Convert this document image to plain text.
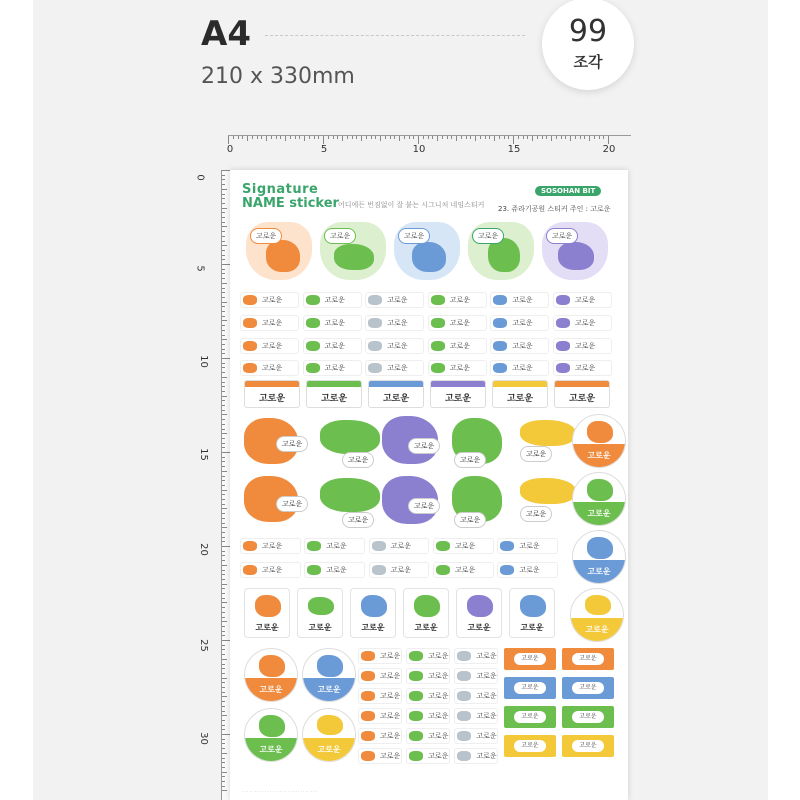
A4
210 x 330mm
99
조각
0	5	10	15	20
0
5
10
15
20
25
30
Signature
NAME sticker 어디에든 번짐없이 잘 붙는 시그니처 네임스티커
SOSOHAN BIT
23. 쥬라기공원 스티커 주인 : 고로운
고로운	고로운	고로운	고로운	고로운
고로운	고로운	고로운	고로운	고로운	고로운
고로운	고로운	고로운	고로운	고로운	고로운
고로운	고로운	고로운	고로운	고로운	고로운
고로운	고로운	고로운	고로운	고로운	고로운
고로운	고로운	고로운	고로운	고로운	고로운
고로운
고로운
고로운
고로운
고로운	고로운
고로운
고로운
고로운
고로운
고로운	고로운
고로운	고로운	고로운	고로운	고로운
고로운	고로운	고로운	고로운	고로운	고로운
고로운	고로운	고로운	고로운	고로운	고로운	고로운
고로운	고로운
고로운	고로운
고로운	고로운	고로운
고로운	고로운	고로운
고로운	고로운	고로운
고로운	고로운	고로운
고로운	고로운	고로운
고로운	고로운	고로운
고로운	고로운
고로운	고로운
고로운	고로운
고로운	고로운
· · · · · · · · · · · · · · · · · · · · · · · · · · · · · ·
